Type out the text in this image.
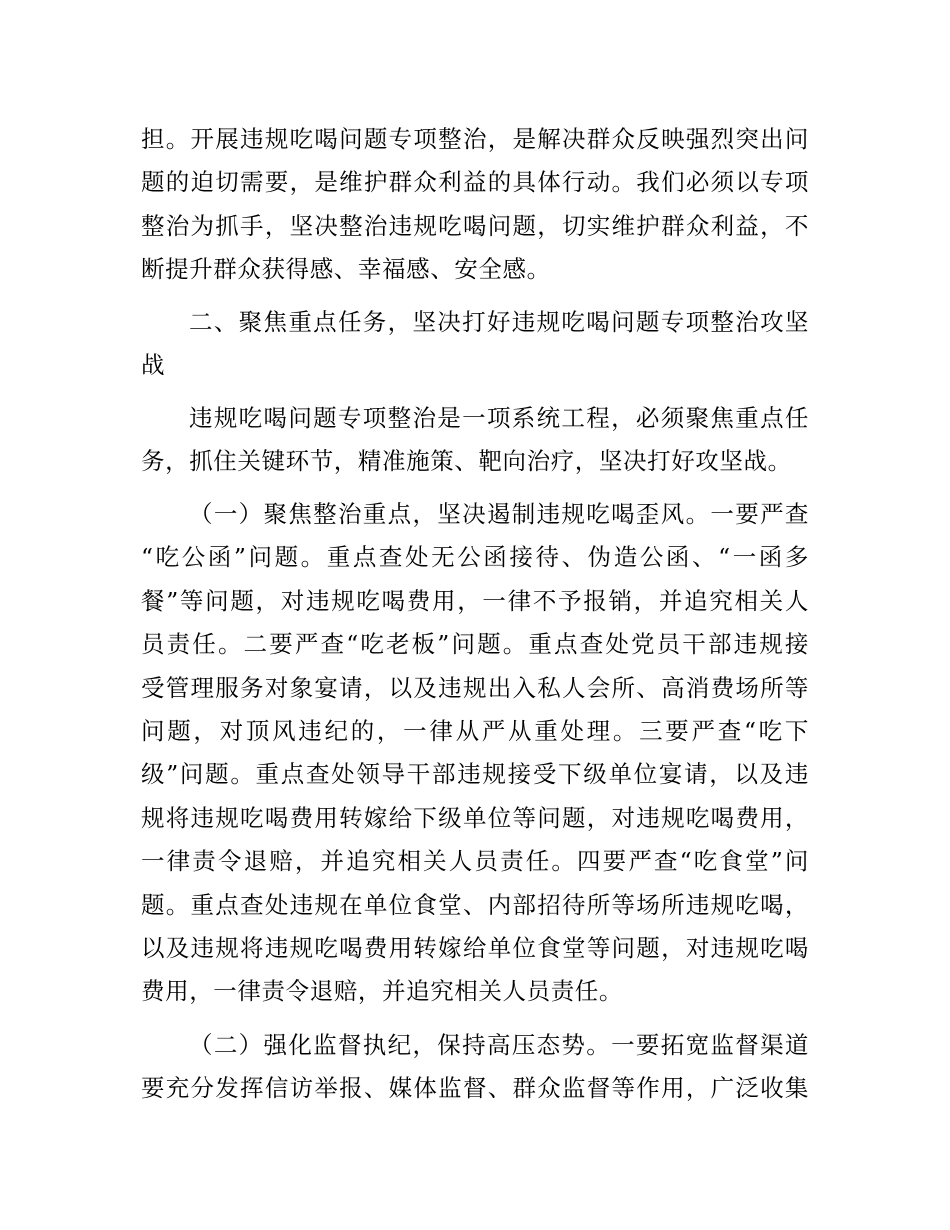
担。开展违规吃喝问题专项整治，是解决群众反映强烈突出问
题的迫切需要，是维护群众利益的具体行动。我们必须以专项
整治为抓手，坚决整治违规吃喝问题，切实维护群众利益，不
断提升群众获得感、幸福感、安全感。
二、聚焦重点任务，坚决打好违规吃喝问题专项整治攻坚
战
违规吃喝问题专项整治是一项系统工程，必须聚焦重点任
务，抓住关键环节，精准施策、靶向治疗，坚决打好攻坚战。
（一）聚焦整治重点，坚决遏制违规吃喝歪风。一要严查
“吃公函”问题。重点查处无公函接待、伪造公函、“一函多
餐”等问题，对违规吃喝费用，一律不予报销，并追究相关人
员责任。二要严查“吃老板”问题。重点查处党员干部违规接
受管理服务对象宴请，以及违规出入私人会所、高消费场所等
问题，对顶风违纪的，一律从严从重处理。三要严查“吃下
级”问题。重点查处领导干部违规接受下级单位宴请，以及违
规将违规吃喝费用转嫁给下级单位等问题，对违规吃喝费用，
一律责令退赔，并追究相关人员责任。四要严查“吃食堂”问
题。重点查处违规在单位食堂、内部招待所等场所违规吃喝，
以及违规将违规吃喝费用转嫁给单位食堂等问题，对违规吃喝
费用，一律责令退赔，并追究相关人员责任。
（二）强化监督执纪，保持高压态势。一要拓宽监督渠道
要充分发挥信访举报、媒体监督、群众监督等作用，广泛收集
